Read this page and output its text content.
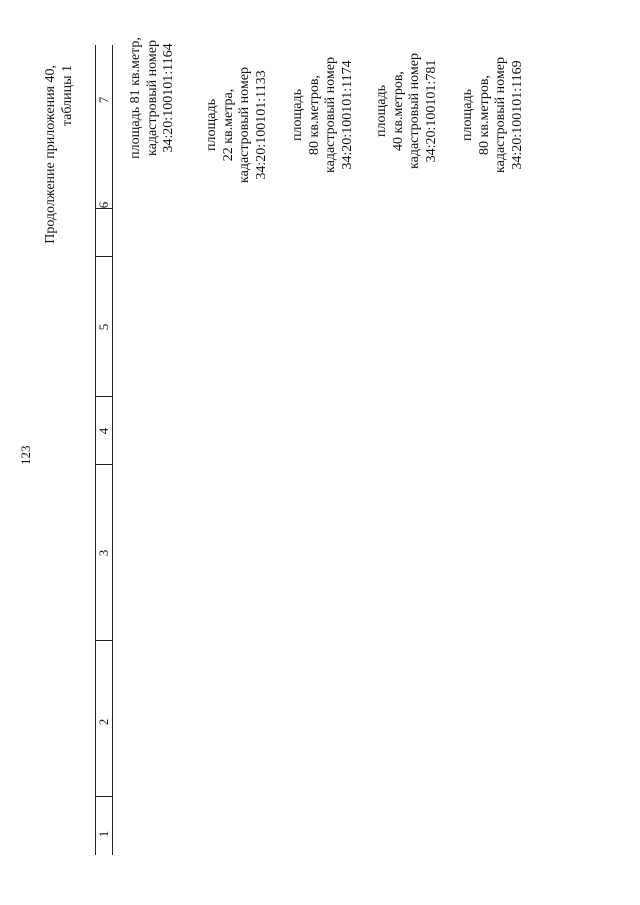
123
Продолжение приложения 40, таблицы 1
1
2
3
4
5
6
7 площадь 81 кв.метр, кадастровый номер 34:20:100101:1164 площадь 22 кв.метра, кадастровый номер 34:20:100101:1133 площадь 80 кв.метров, кадастровый номер 34:20:100101:1174 площадь 40 кв.метров, кадастровый номер 34:20:100101:781 площадь 80 кв.метров, кадастровый номер 34:20:100101:1169
